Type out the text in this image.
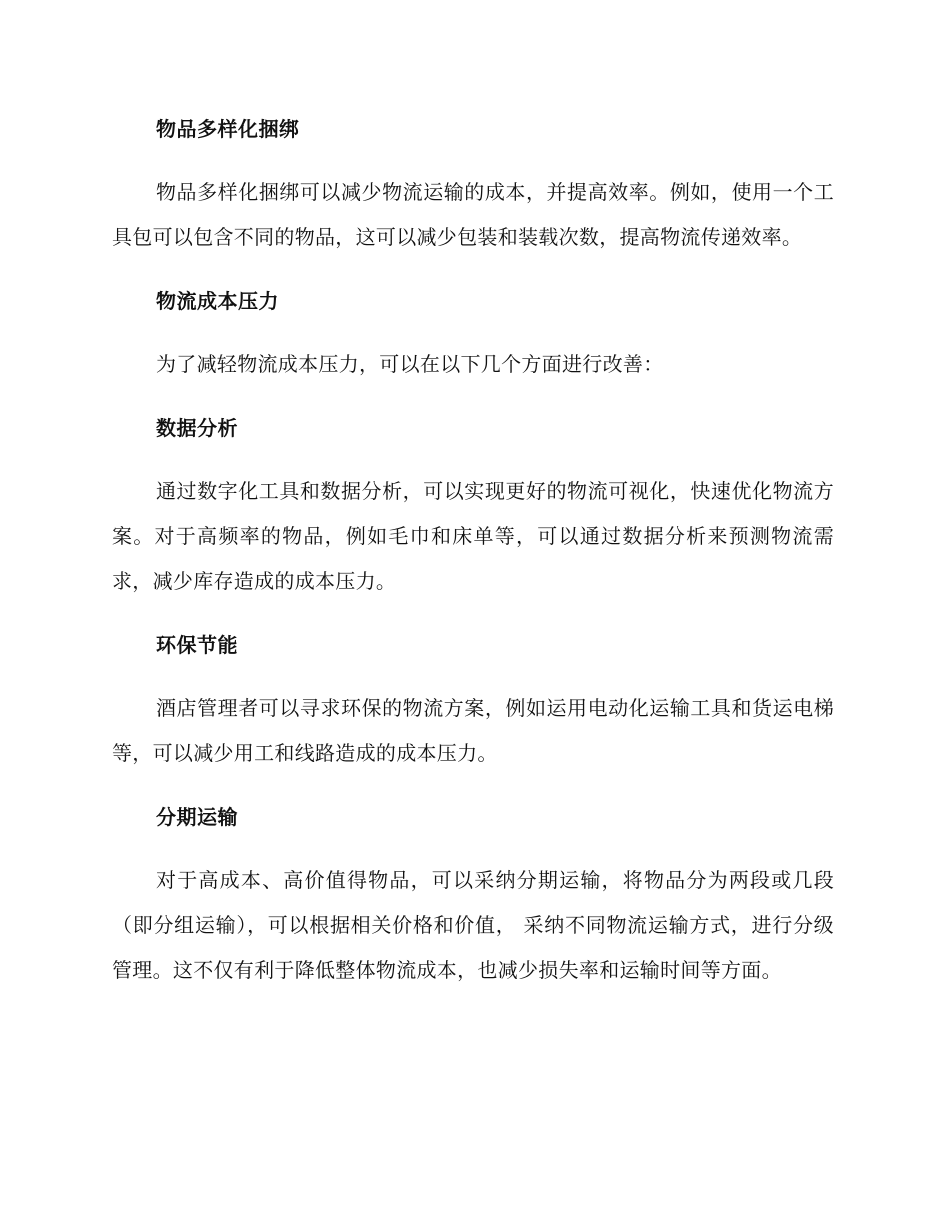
物品多样化捆绑

物品多样化捆绑可以减少物流运输的成本，并提高效率。例如，使用一个工具包可以包含不同的物品，这可以减少包装和装载次数，提高物流传递效率。

物流成本压力

为了减轻物流成本压力，可以在以下几个方面进行改善：

数据分析

通过数字化工具和数据分析，可以实现更好的物流可视化，快速优化物流方案。对于高频率的物品，例如毛巾和床单等，可以通过数据分析来预测物流需求，减少库存造成的成本压力。

环保节能

酒店管理者可以寻求环保的物流方案，例如运用电动化运输工具和货运电梯等，可以减少用工和线路造成的成本压力。

分期运输

对于高成本、高价值得物品，可以采纳分期运输，将物品分为两段或几段（即分组运输），可以根据相关价格和价值， 采纳不同物流运输方式，进行分级管理。这不仅有利于降低整体物流成本，也减少损失率和运输时间等方面。
